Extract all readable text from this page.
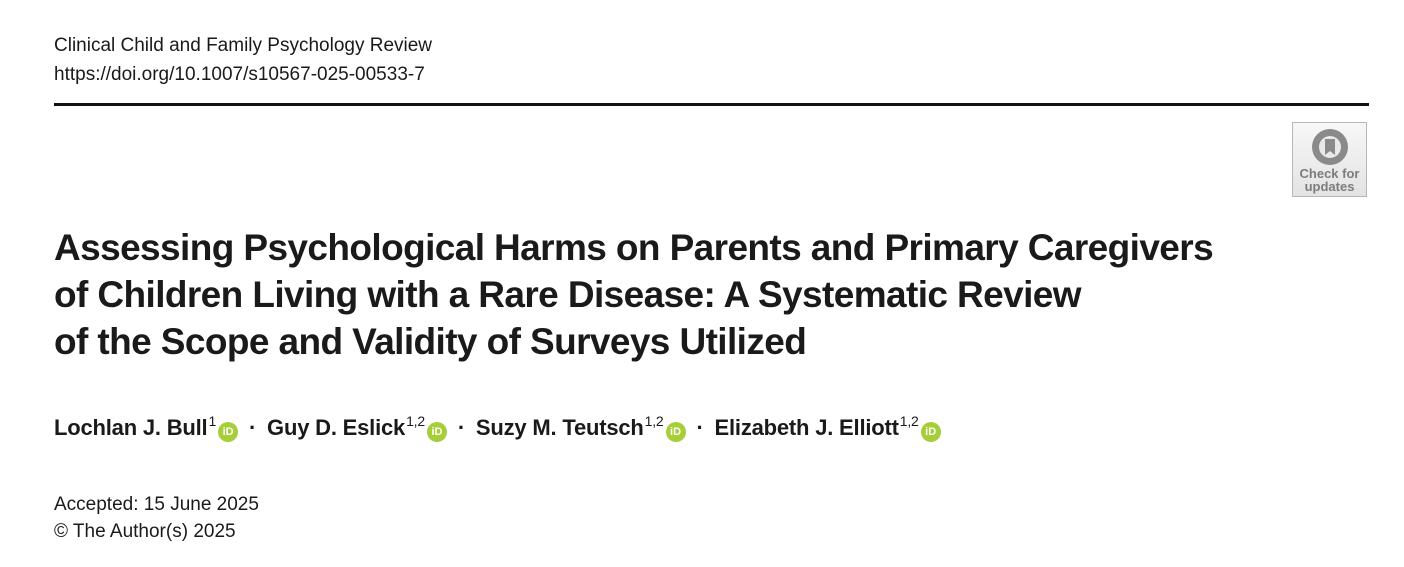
Clinical Child and Family Psychology Review
https://doi.org/10.1007/s10567-025-00533-7
Check for
updates
Assessing Psychological Harms on Parents and Primary Caregivers
of Children Living with a Rare Disease: A Systematic Review
of the Scope and Validity of Surveys Utilized
Lochlan J. Bull$^1$iD · Guy D. Eslick$^{1,2}$iD · Suzy M. Teutsch$^{1,2}$iD · Elizabeth J. Elliott$^{1,2}$iD
Accepted: 15 June 2025
© The Author(s) 2025
